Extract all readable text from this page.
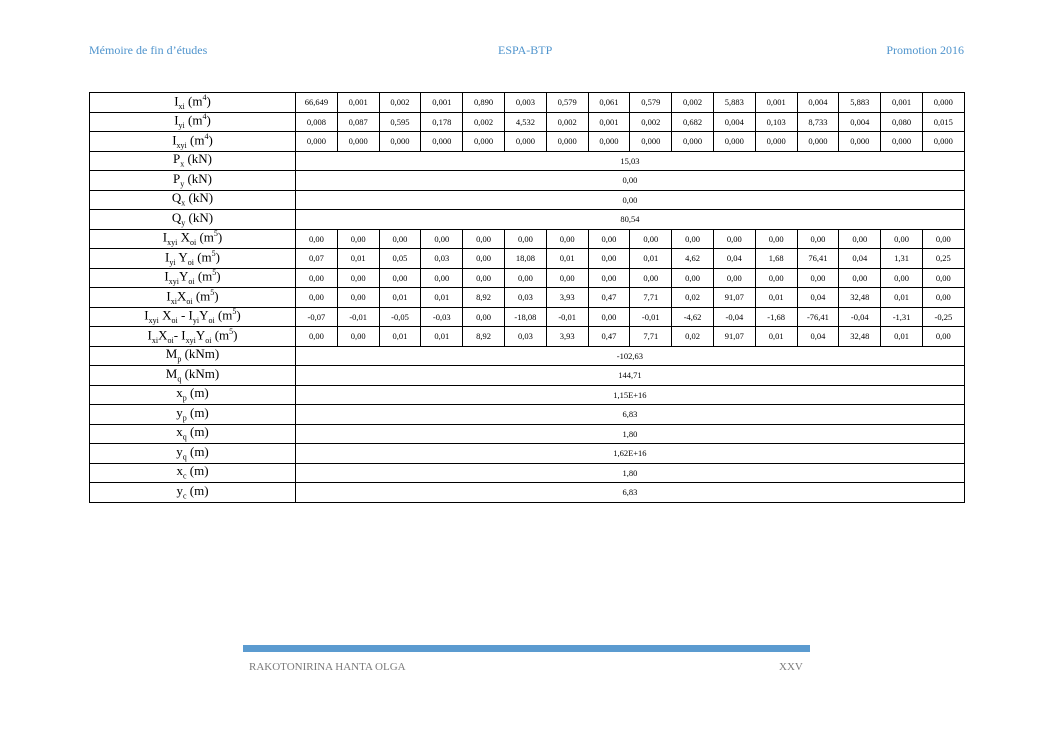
Mémoire de fin d’études	ESPA-BTP	Promotion 2016
$I_{xi}$ $(m^4)$	66,649	0,001	0,002	0,001	0,890	0,003	0,579	0,061	0,579	0,002	5,883	0,001	0,004	5,883	0,001	0,000
$I_{yi}$ $(m^4)$	0,008	0,087	0,595	0,178	0,002	4,532	0,002	0,001	0,002	0,682	0,004	0,103	8,733	0,004	0,080	0,015
$I_{xyi}$ $(m^4)$	0,000	0,000	0,000	0,000	0,000	0,000	0,000	0,000	0,000	0,000	0,000	0,000	0,000	0,000	0,000	0,000
$P_x$ (kN)	15,03															
$P_y$ (kN)	0,00															
$Q_x$ (kN)	0,00															
$Q_y$ (kN)	80,54															
$I_{xyi}$ $X_{oi}$ $(m^5)$	0,00	0,00	0,00	0,00	0,00	0,00	0,00	0,00	0,00	0,00	0,00	0,00	0,00	0,00	0,00	0,00
$I_{yi}$ $Y_{oi}$ $(m^5)$	0,07	0,01	0,05	0,03	0,00	18,08	0,01	0,00	0,01	4,62	0,04	1,68	76,41	0,04	1,31	0,25
$I_{xyi}Y_{oi}$ $(m^5)$	0,00	0,00	0,00	0,00	0,00	0,00	0,00	0,00	0,00	0,00	0,00	0,00	0,00	0,00	0,00	0,00
$I_{xi}X_{oi}$ $(m^5)$	0,00	0,00	0,01	0,01	8,92	0,03	3,93	0,47	7,71	0,02	91,07	0,01	0,04	32,48	0,01	0,00
$I_{xyi}$ $X_{oi} - I_{yi}Y_{oi}$ $(m^5)$	-0,07	-0,01	-0,05	-0,03	0,00	-18,08	-0,01	0,00	-0,01	-4,62	-0,04	-1,68	-76,41	-0,04	-1,31	-0,25
$I_{xi}X_{oi}-$ $I_{xyi}Y_{oi}$ $(m^5)$	0,00	0,00	0,01	0,01	8,92	0,03	3,93	0,47	7,71	0,02	91,07	0,01	0,04	32,48	0,01	0,00
$M_p$ (kNm)	-102,63															
$M_q$ (kNm)	144,71															
$x_p$ (m)	1,15E+16															
$y_p$ (m)	6,83															
$x_q$ (m)	1,80															
$y_q$ (m)	1,62E+16															
$x_c$ (m)	1,80															
$y_c$ (m)	6,83															
RAKOTONIRINA HANTA OLGA	XXV
